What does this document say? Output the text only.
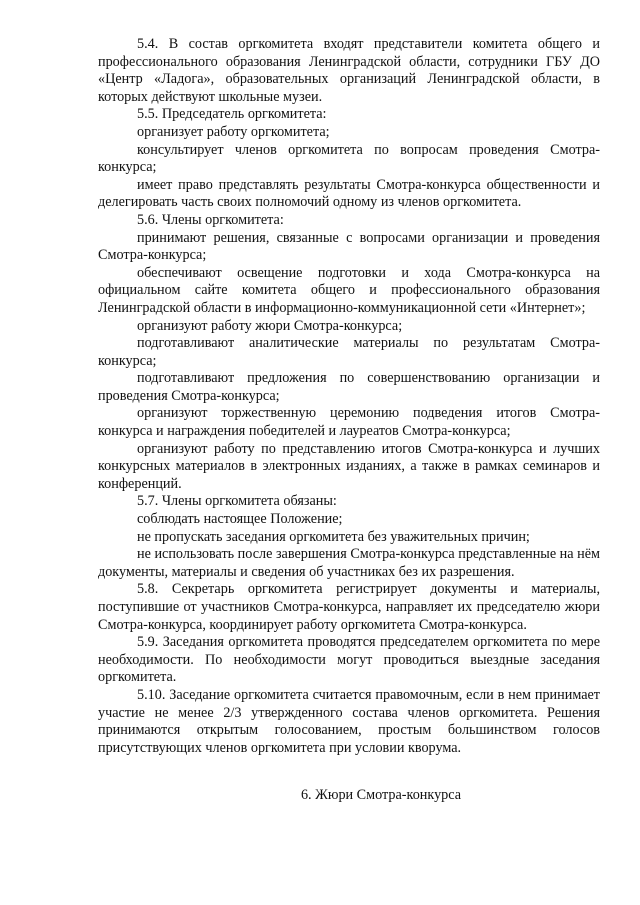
5.4. В состав оргкомитета входят представители комитета общего и профессионального образования Ленинградской области, сотрудники ГБУ ДО «Центр «Ладога», образовательных организаций Ленинградской области, в которых действуют школьные музеи.

5.5. Председатель оргкомитета:

организует работу оргкомитета;

консультирует членов оргкомитета по вопросам проведения Смотра-конкурса;

имеет право представлять результаты Смотра-конкурса общественности и делегировать часть своих полномочий одному из членов оргкомитета.

5.6. Члены оргкомитета:

принимают решения, связанные с вопросами организации и проведения Смотра-конкурса;

обеспечивают освещение подготовки и хода Смотра-конкурса на официальном сайте комитета общего и профессионального образования Ленинградской области в информационно-коммуникационной сети «Интернет»;

организуют работу жюри Смотра-конкурса;

подготавливают аналитические материалы по результатам Смотра-конкурса;

подготавливают предложения по совершенствованию организации и проведения Смотра-конкурса;

организуют торжественную церемонию подведения итогов Смотра-конкурса и награждения победителей и лауреатов Смотра-конкурса;

организуют работу по представлению итогов Смотра-конкурса и лучших конкурсных материалов в электронных изданиях, а также в рамках семинаров и конференций.

5.7. Члены оргкомитета обязаны:

соблюдать настоящее Положение;

не пропускать заседания оргкомитета без уважительных причин;

не использовать после завершения Смотра-конкурса представленные на нём документы, материалы и сведения об участниках без их разрешения.

5.8. Секретарь оргкомитета регистрирует документы и материалы, поступившие от участников Смотра-конкурса, направляет их председателю жюри Смотра-конкурса, координирует работу оргкомитета Смотра-конкурса.

5.9. Заседания оргкомитета проводятся председателем оргкомитета по мере необходимости. По необходимости могут проводиться выездные заседания оргкомитета.

5.10. Заседание оргкомитета считается правомочным, если в нем принимает участие не менее 2/3 утвержденного состава членов оргкомитета. Решения принимаются открытым голосованием, простым большинством голосов присутствующих членов оргкомитета при условии кворума.

6. Жюри Смотра-конкурса
